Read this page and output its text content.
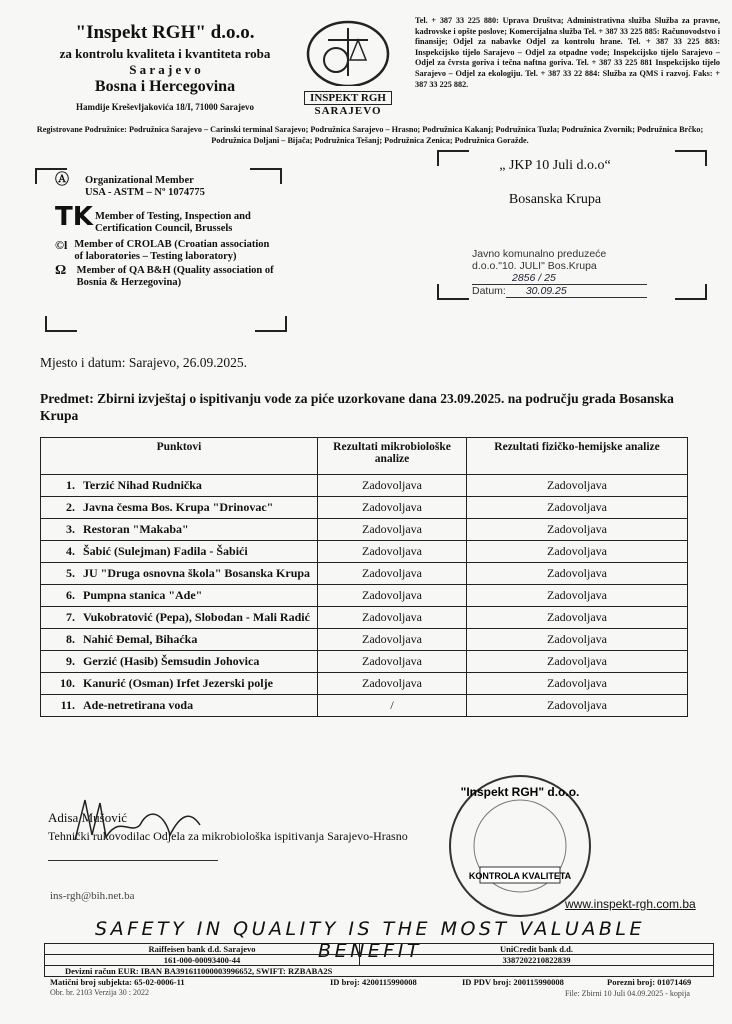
"Inspekt RGH" d.o.o.
za kontrolu kvaliteta i kvantiteta roba
S a r a j e v o
Bosna i Hercegovina
Hamdije Kreševljakovića 18/I, 71000 Sarajevo
INSPEKT RGH
SARAJEVO
Tel. + 387 33 225 880: Uprava Društva; Administrativna služba Služba za pravne, kadrovske i opšte poslove; Komercijalna služba Tel. + 387 33 225 885: Računovodstvo i finansije; Odjel za nabavke Odjel za kontrolu hrane. Tel. + 387 33 225 883: Inspekcijsko tijelo Sarajevo – Odjel za otpadne vode; Inspekcijsko tijelo Sarajevo – Odjel za čvrsta goriva i tečna naftna goriva. Tel. + 387 33 225 881 Inspekcijsko tijelo Sarajevo – Odjel za ekologiju. Tel. + 387 33 22 884: Služba za QMS i razvoj. Faks: + 387 33 225 882.
Registrovane Podružnice: Podružnica Sarajevo – Carinski terminal Sarajevo; Podružnica Sarajevo – Hrasno; Podružnica Kakanj; Podružnica Tuzla; Podružnica Zvornik; Podružnica Brčko; Podružnica Doljani – Bijača; Podružnica Tešanj; Podružnica Zenica; Podružnica Goražde.
Ⓐ	Organizational Member USA - ASTM – Nº 1074775
TK Member of Testing, Inspection and Certification Council, Brussels
©l Member of CROLAB (Croatian association of laboratories – Testing laboratory)
Ω Member of QA B&H (Quality association of Bosnia & Herzegovina)
„ JKP 10 Juli d.o.o“
Bosanska Krupa
Javno komunalno preduzeće
d.o.o."10. JULI" Bos.Krupa
2856 / 25
Datum:	30.09.25
Mjesto i datum: Sarajevo, 26.09.2025.
Predmet: Zbirni izvještaj o ispitivanju vode za piće uzorkovane dana 23.09.2025. na području grada Bosanska Krupa
Punktovi	Rezultati mikrobiološke analize	Rezultati fizičko-hemijske analize
1. Terzić Nihad Rudnička	Zadovoljava	Zadovoljava
2. Javna česma Bos. Krupa "Drinovac"	Zadovoljava	Zadovoljava
3. Restoran "Makaba"	Zadovoljava	Zadovoljava
4. Šabić (Sulejman) Fadila - Šabići	Zadovoljava	Zadovoljava
5. JU "Druga osnovna škola" Bosanska Krupa	Zadovoljava	Zadovoljava
6. Pumpna stanica "Ade"	Zadovoljava	Zadovoljava
7. Vukobratović (Pepa), Slobodan - Mali Radić	Zadovoljava	Zadovoljava
8. Nahić Đemal, Bihaćka	Zadovoljava	Zadovoljava
9. Gerzić (Hasib) Šemsudin Johovica	Zadovoljava	Zadovoljava
10. Kanurić (Osman) Irfet Jezerski polje	Zadovoljava	Zadovoljava
11. Ade-netretirana voda	/	Zadovoljava
Adisa Mušović
Tehnički rukovodilac Odjela za mikrobiološka ispitivanja Sarajevo-Hrasno
KONTROLA KVALITETA
"Inspekt RGH" d.o.o.
ins-rgh@bih.net.ba
www.inspekt-rgh.com.ba
SAFETY IN QUALITY IS THE MOST VALUABLE BENEFIT
Raiffeisen bank d.d. Sarajevo
161-000-00093400-44
UniCredit bank d.d.
3387202210822839
Devizni račun EUR: IBAN BA391611000003996652, SWIFT: RZBABA2S
Matični broj subjekta: 65-02-0006-11	ID broj: 4200115990008	ID PDV broj: 200115990008	Porezni broj: 01071469
Obr. br. 2103 Verzija 30 : 2022	File: Zbirni 10 Juli 04.09.2025 - kopija
